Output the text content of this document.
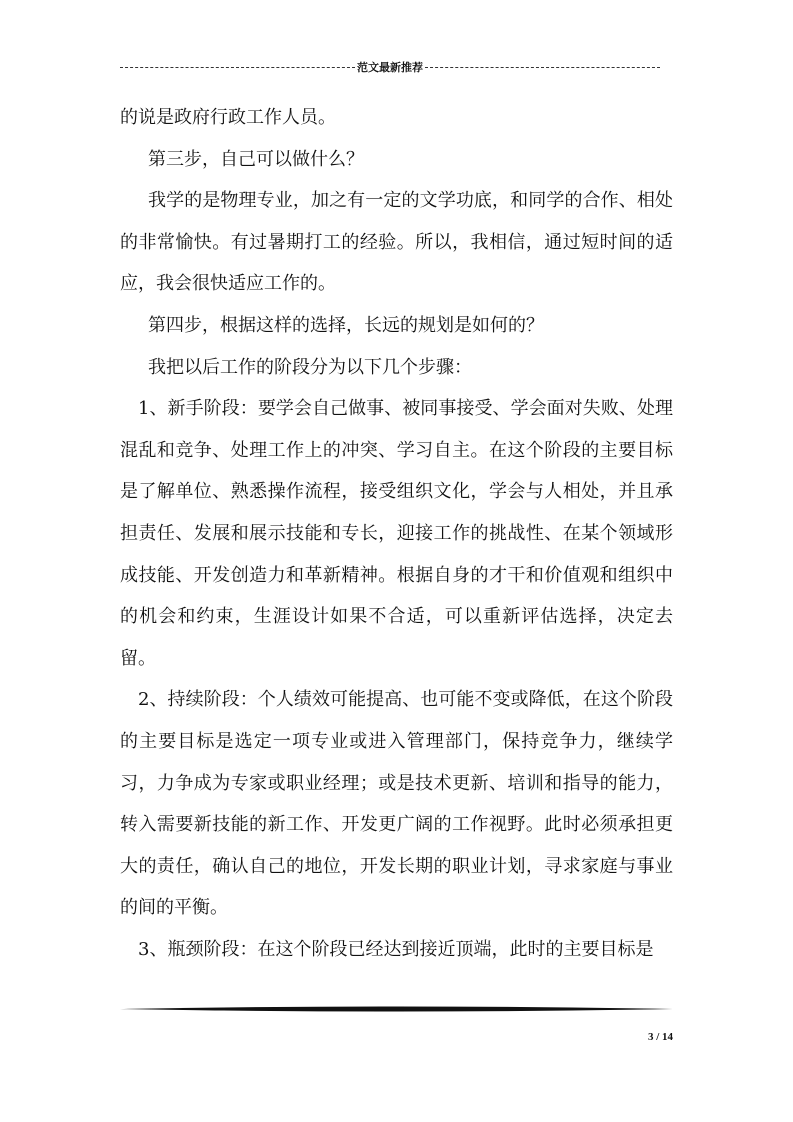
范文最新推荐

的说是政府行政工作人员。

第三步，自己可以做什么？

我学的是物理专业，加之有一定的文学功底，和同学的合作、相处的非常愉快。有过暑期打工的经验。所以，我相信，通过短时间的适应，我会很快适应工作的。

第四步，根据这样的选择，长远的规划是如何的？

我把以后工作的阶段分为以下几个步骤：

1、新手阶段：要学会自己做事、被同事接受、学会面对失败、处理混乱和竞争、处理工作上的冲突、学习自主。在这个阶段的主要目标是了解单位、熟悉操作流程，接受组织文化，学会与人相处，并且承担责任、发展和展示技能和专长，迎接工作的挑战性、在某个领域形成技能、开发创造力和革新精神。根据自身的才干和价值观和组织中的机会和约束，生涯设计如果不合适，可以重新评估选择，决定去留。

2、持续阶段：个人绩效可能提高、也可能不变或降低，在这个阶段的主要目标是选定一项专业或进入管理部门，保持竞争力，继续学习，力争成为专家或职业经理；或是技术更新、培训和指导的能力，转入需要新技能的新工作、开发更广阔的工作视野。此时必须承担更大的责任，确认自己的地位，开发长期的职业计划，寻求家庭与事业的间的平衡。

3、瓶颈阶段：在这个阶段已经达到接近顶端，此时的主要目标是

3 / 14
